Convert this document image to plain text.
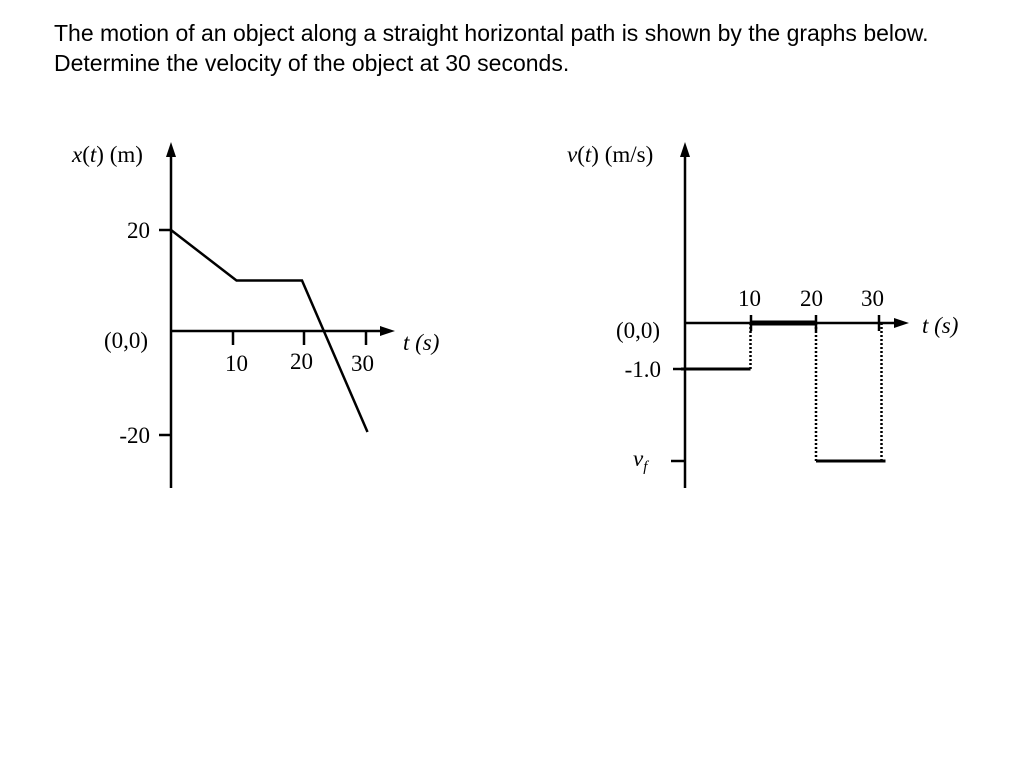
The motion of an object along a straight horizontal path is shown by the graphs below. Determine the velocity of the object at 30 seconds.
x(t) (m)
20
-20
(0,0)
10 20 30
t (s)
v(t) (m/s)
10 20 30
(0,0)
-1.0
$v_f$
t (s)
